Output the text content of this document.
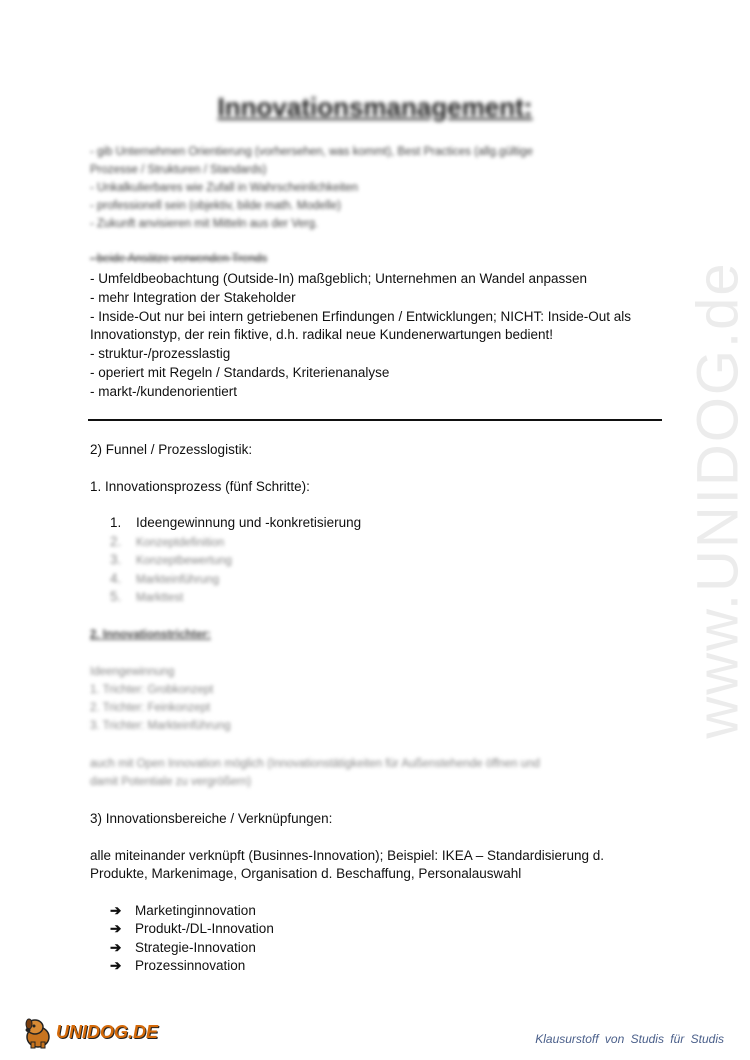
www.UNIDOG.de
Innovationsmanagement:
- gib Unternehmen Orientierung (vorhersehen, was kommt), Best Practices (allg.gültige
Prozesse / Strukturen / Standards)
- Unkalkulierbares wie Zufall in Wahrscheinlichkeiten
- professionell sein (objektiv, bilde math. Modelle)
- Zukunft anvisieren mit Mitteln aus der Verg.
- beide Ansätze verwenden Trends
- Umfeldbeobachtung (Outside-In) maßgeblich; Unternehmen an Wandel anpassen
- mehr Integration der Stakeholder
- Inside-Out nur bei intern getriebenen Erfindungen / Entwicklungen; NICHT: Inside-Out als
Innovationstyp, der rein fiktive, d.h. radikal neue Kundenerwartungen bedient!
- struktur-/prozesslastig
- operiert mit Regeln / Standards, Kriterienanalyse
- markt-/kundenorientiert
2) Funnel / Prozesslogistik:
1. Innovationsprozess (fünf Schritte):
1. Ideengewinnung und -konkretisierung
2. Konzeptdefinition
3. Konzeptbewertung
4. Markteinführung
5. Markttest
2. Innovationstrichter:
Ideengewinnung
1. Trichter: Grobkonzept
2. Trichter: Feinkonzept
3. Trichter: Markteinführung
auch mit Open Innovation möglich (Innovationstätigkeiten für Außenstehende öffnen und
damit Potentiale zu vergrößern)
3) Innovationsbereiche / Verknüpfungen:
alle miteinander verknüpft (Businnes-Innovation); Beispiel: IKEA – Standardisierung d.
Produkte, Markenimage, Organisation d. Beschaffung, Personalauswahl
➔ Marketinginnovation
➔ Produkt-/DL-Innovation
➔ Strategie-Innovation
➔ Prozessinnovation
UNIDOG.DE	Klausurstoff von Studis für Studis
